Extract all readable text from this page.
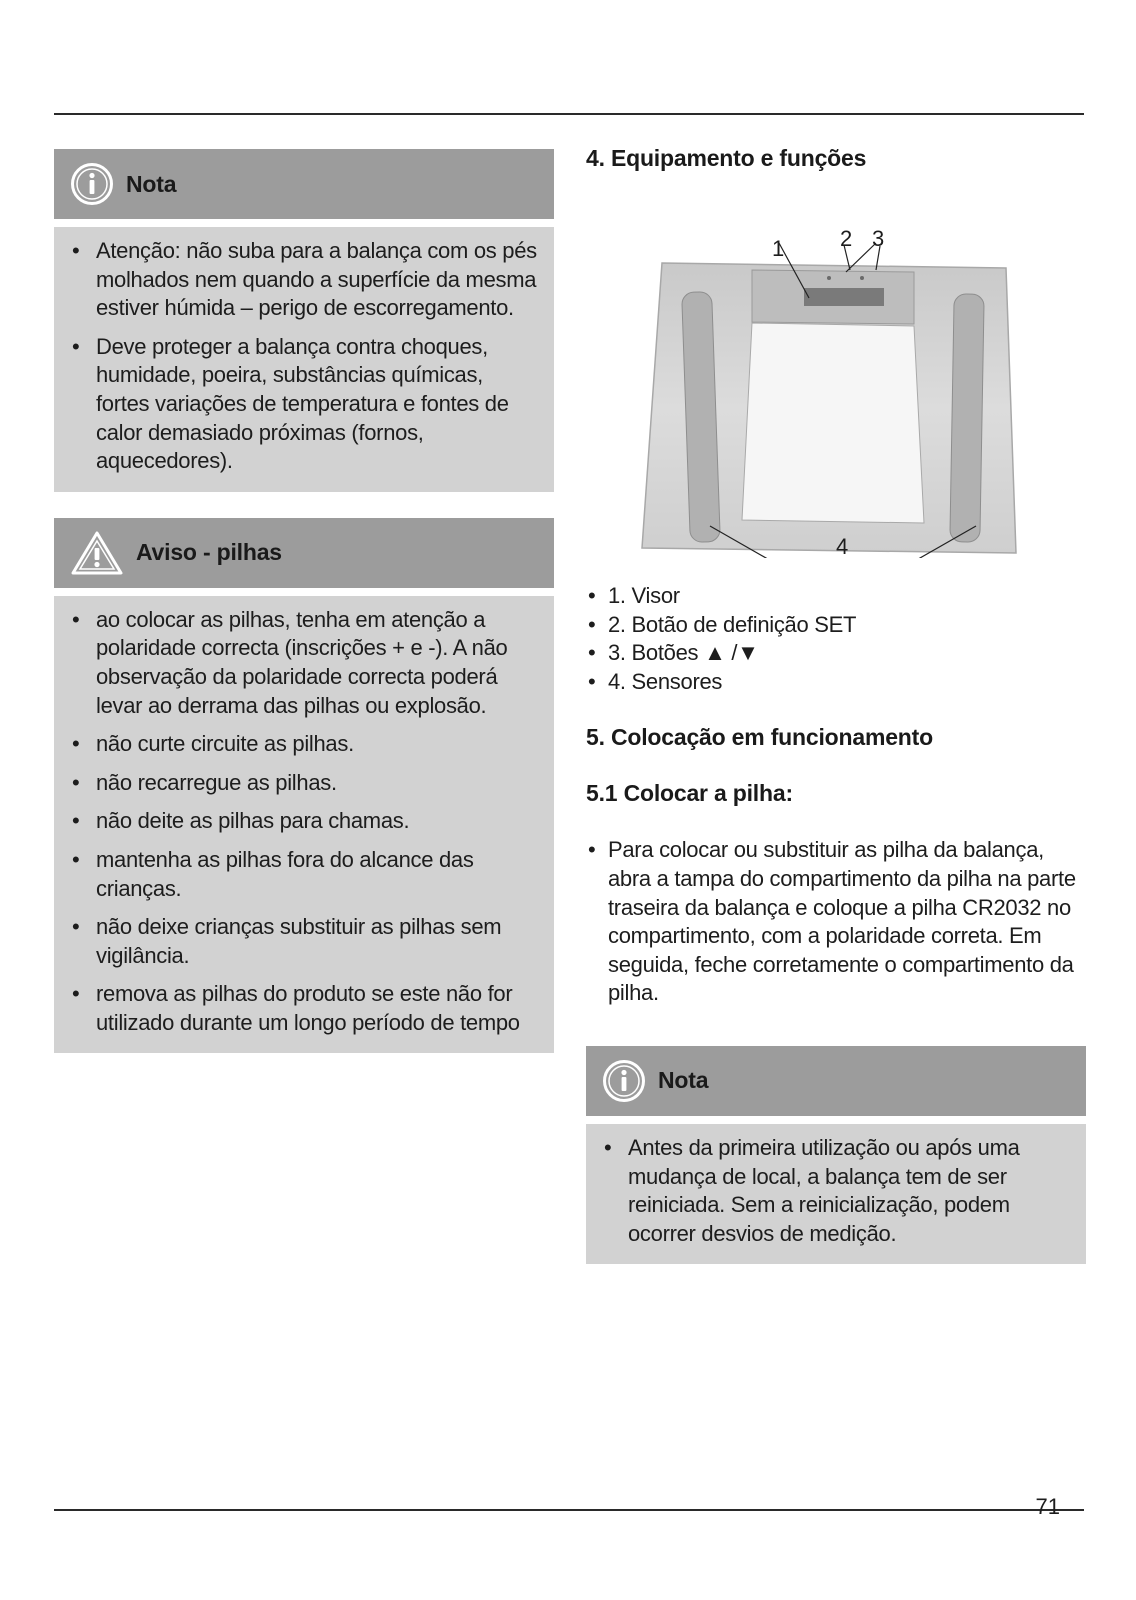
Nota
• Atenção: não suba para a balança com os pés molhados nem quando a superfície da mesma estiver húmida – perigo de escorregamento.
• Deve proteger a balança contra choques, humidade, poeira, substâncias químicas, fortes variações de temperatura e fontes de calor demasiado próximas (fornos, aquecedores).
Aviso - pilhas
• ao colocar as pilhas, tenha em atenção a polaridade correcta (inscrições + e -). A não observação da polaridade correcta poderá levar ao derrama das pilhas ou explosão.
• não curte circuite as pilhas.
• não recarregue as pilhas.
• não deite as pilhas para chamas.
• mantenha as pilhas fora do alcance das crianças.
• não deixe crianças substituir as pilhas sem vigilância.
• remova as pilhas do produto se este não for utilizado durante um longo período de tempo
4. Equipamento e funções
1	2 3
4
• 1. Visor
• 2. Botão de definição SET
• 3. Botões ▲ /▼
• 4. Sensores
5. Colocação em funcionamento
5.1 Colocar a pilha:
• Para colocar ou substituir as pilha da balança, abra a tampa do compartimento da pilha na parte traseira da balança e coloque a pilha CR2032 no compartimento, com a polaridade correta. Em seguida, feche corretamente o compartimento da pilha.
Nota
• Antes da primeira utilização ou após uma mudança de local, a balança tem de ser reiniciada. Sem a reinicialização, podem ocorrer desvios de medição.
71
